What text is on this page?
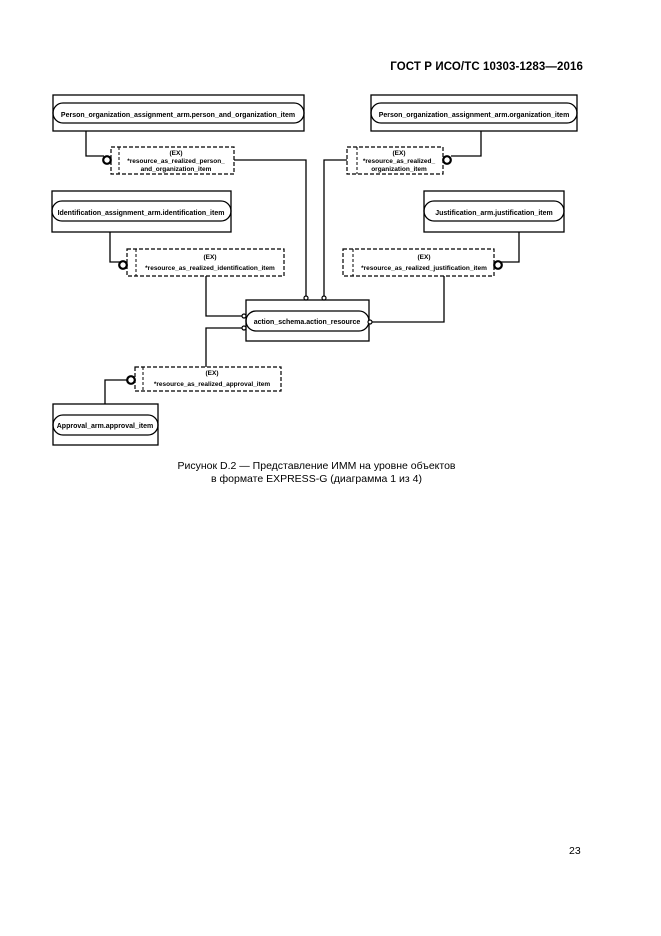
ГОСТ Р ИСО/ТС 10303-1283—2016
Person_organization_assignment_arm.person_and_organization_item	Person_organization_assignment_arm.organization_item
Identification_assignment_arm.identification_item	Justification_arm.justification_item
action_schema.action_resource
Approval_arm.approval_item
(EX)
*resource_as_realized_person_
and_organization_item
(EX)
*resource_as_realized_
organization_item
(EX)
*resource_as_realized_identification_item
(EX)
*resource_as_realized_justification_item
(EX)
*resource_as_realized_approval_item
Рисунок D.2 — Представление ИММ на уровне объектов
в формате EXPRESS-G (диаграмма 1 из 4)
23
